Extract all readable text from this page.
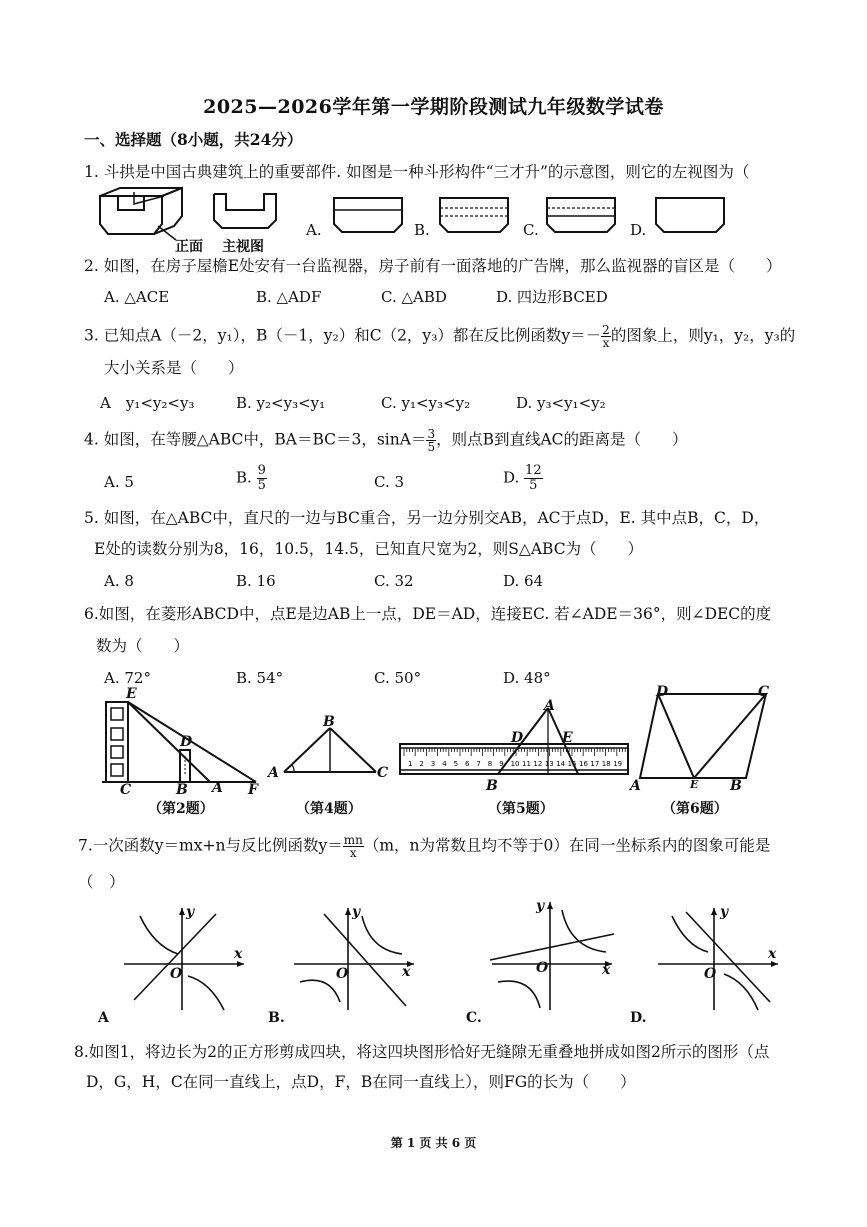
2025—2026学年第一学期阶段测试九年级数学试卷
一、选择题（8小题，共24分）
1. 斗拱是中国古典建筑上的重要部件. 如图是一种斗形构件“三才升”的示意图，则它的左视图为（
正面 主视图
A.	B.	C.	D.
2. 如图，在房子屋檐E处安有一台监视器，房子前有一面落地的广告牌，那么监视器的盲区是（　　）
A. △ACE	B. △ADF	C. △ABD	D. 四边形BCED
3. 已知点A（－2，y₁），B（－1，y₂）和C（2，y₃）都在反比例函数$y=- \frac{2}{x}$ 的图象上，则y₁，y₂，y₃的
大小关系是（　　）
A　y₁<y₂<y₃	B. y₂<y₃<y₁	C. y₁<y₃<y₂	D. y₃<y₁<y₂
4. 如图，在等腰△ABC中，BA＝BC＝3，$\sin A= \frac{3}{5}$ ，则点B到直线AC的距离是（　　）
A. 5	B. $\frac{9}{5}$	C. 3	D. $\frac{12}{5}$
5. 如图，在△ABC中，直尺的一边与BC重合，另一边分别交AB，AC于点D，E. 其中点B，C，D，
E处的读数分别为8，16，10.5，14.5，已知直尺宽为2，则S△ABC为（　　）
A. 8	B. 16	C. 32	D. 64
6.如图，在菱形ABCD中，点E是边AB上一点，DE＝AD，连接EC. 若∠ADE＝36°，则∠DEC的度
数为（　　）
A. 72°	B. 54°	C. 50°	D. 48°
E
D
C	B A F
（第2题）
B
A	C
（第4题）
1 2 3 4 5 6 7 8 9 10 11 12 13 14 15 16 17 18 19
A
D	E
B
（第5题）
D	C
A	E B
（第6题）
7.一次函数y＝mx+n与反比例函数$y= \frac{mn}{x} (m$，n为常数且均不等于0）在同一坐标系内的图象可能是
（　）
y
x
O
A
y
x
O
B.
y
x
O
C.
y
x
O
D.
8.如图1，将边长为2的正方形剪成四块，将这四块图形恰好无缝隙无重叠地拼成如图2所示的图形（点
D，G，H，C在同一直线上，点D，F，B在同一直线上），则FG的长为（　　）
第 1 页 共 6 页
